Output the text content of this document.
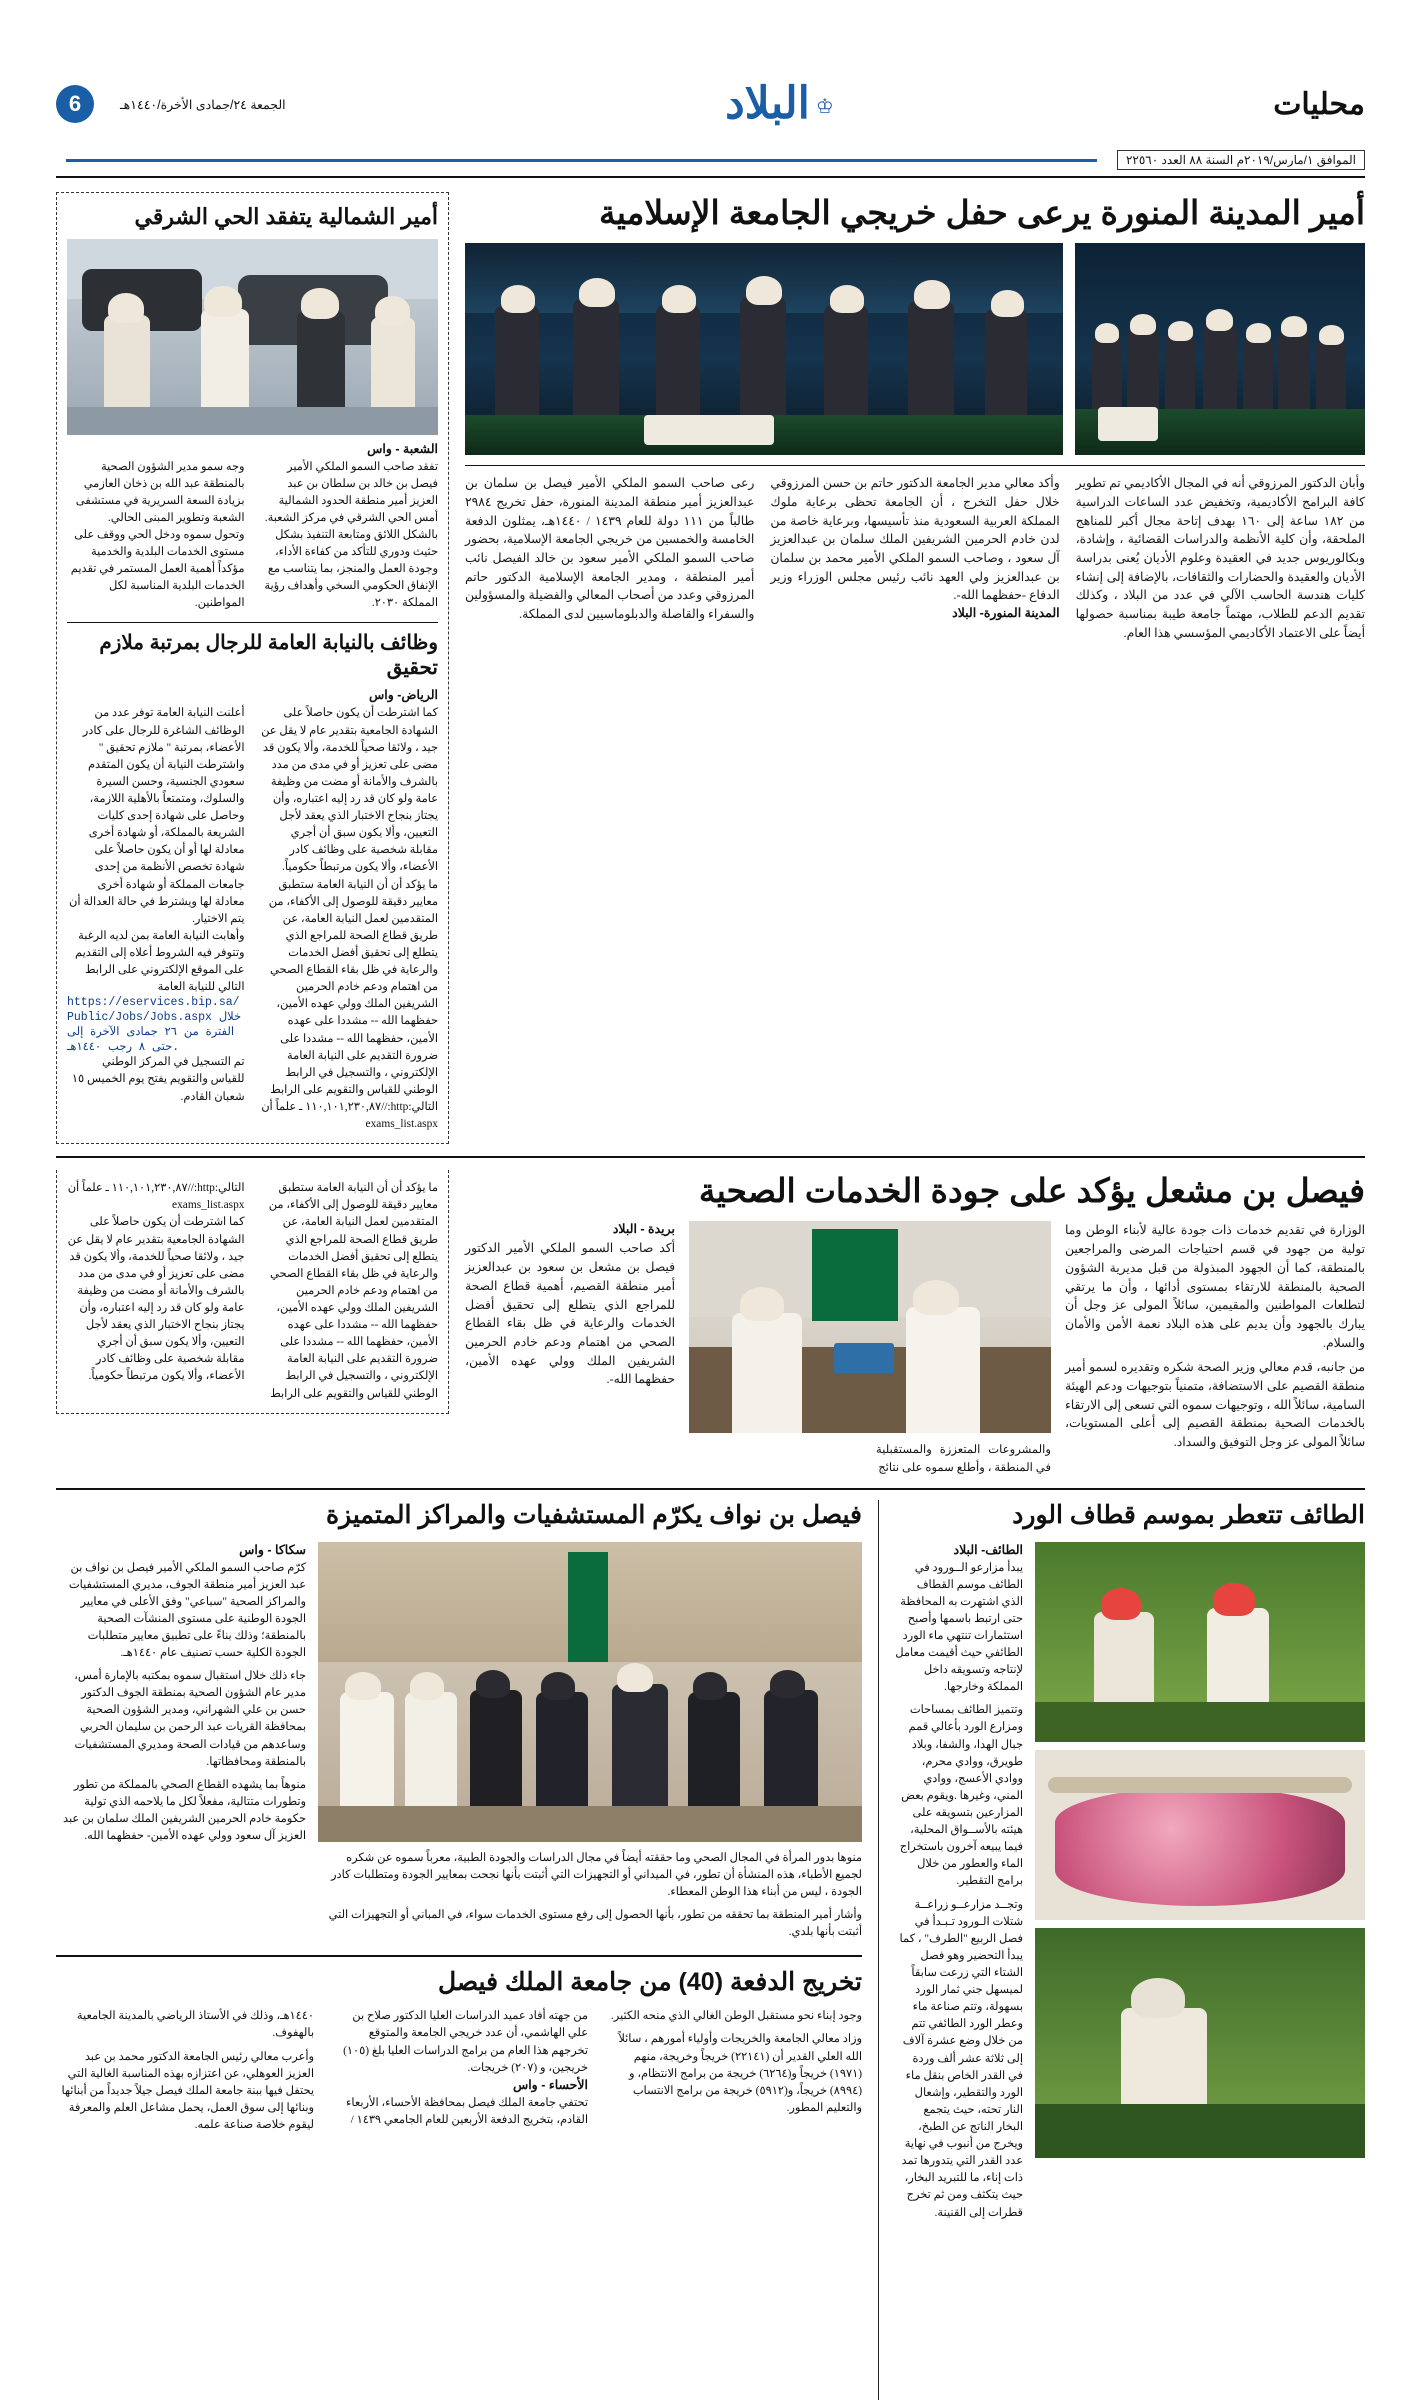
محليات
♔
البلاد
الجمعة ٢٤/جمادى الأخرة/١٤٤٠هـ
6
الموافق ١/مارس/٢٠١٩م السنة ٨٨ العدد ٢٢٥٦٠
أمير المدينة المنورة يرعى حفل خريجي الجامعة الإسلامية
وأبان الدكتور المرزوقي أنه في المجال الأكاديمي تم تطوير كافة البرامج الأكاديمية، وتخفيض عدد الساعات الدراسية من ١٨٢ ساعة إلى ١٦٠ بهدف إتاحة مجال أكبر للمناهج الملحقة، وأن كلية الأنظمة والدراسات القضائية ، وإشادة، وبكالوريوس جديد في العقيدة وعلوم الأديان يُعنى بدراسة الأديان والعقيدة والحضارات والثقافات، بالإضافة إلى إنشاء كليات هندسة الحاسب الآلي في عدد من البلاد ، وكذلك تقديم الدعم للطلاب، مهتماً جامعة طيبة بمناسبة حصولها أيضاً على الاعتماد الأكاديمي المؤسسي هذا العام.
وأكد معالي مدير الجامعة الدكتور حاتم بن حسن المرزوقي خلال حفل التخرج ، أن الجامعة تحظى برعاية ملوك المملكة العربية السعودية منذ تأسيسها، وبرعاية خاصة من لدن خادم الحرمين الشريفين الملك سلمان بن عبدالعزيز آل سعود ، وصاحب السمو الملكي الأمير محمد بن سلمان بن عبدالعزيز ولي العهد نائب رئيس مجلس الوزراء وزير الدفاع -حفظهما الله-.
المدينة المنورة- البلاد
رعى صاحب السمو الملكي الأمير فيصل بن سلمان بن عبدالعزيز أمير منطقة المدينة المنورة، حفل تخريج ٢٩٨٤ طالباً من ١١١ دولة للعام ١٤٣٩ / ١٤٤٠هـ، يمثلون الدفعة الخامسة والخمسين من خريجي الجامعة الإسلامية، بحضور صاحب السمو الملكي الأمير سعود بن خالد الفيصل نائب أمير المنطقة ، ومدير الجامعة الإسلامية الدكتور حاتم المرزوقي وعدد من أصحاب المعالي والفضيلة والمسؤولين والسفراء والقاصلة والدبلوماسيين لدى المملكة.
أمير الشمالية يتفقد الحي الشرقي
الشعبة - واس
تفقد صاحب السمو الملكي الأمير فيصل بن خالد بن سلطان بن عبد العزيز أمير منطقة الحدود الشمالية أمس الحي الشرقي في مركز الشعبة.
بالشكل اللائق ومتابعة التنفيذ بشكل حثيث ودوري للتأكد من كفاءة الأداء، وجودة العمل والمنجز، بما يتناسب مع الإنفاق الحكومي السخي وأهداف رؤية المملكة ٢٠٣٠.
وجه سمو مدير الشؤون الصحية بالمنطقة عبد الله بن ذخان العازمي بزيادة السعة السريرية في مستشفى الشعبة وتطوير المبنى الحالي.
وتحول سموه ودخل الحي ووقف على مستوى الخدمات البلدية والخدمية مؤكداً أهمية العمل المستمر في تقديم الخدمات البلدية المناسبة لكل المواطنين.
وظائف بالنيابة العامة للرجال بمرتبة ملازم تحقيق
الرياض- واس
كما اشترطت أن يكون حاصلاً على الشهادة الجامعية بتقدير عام لا يقل عن جيد ، ولائقا صحياً للخدمة، وألا يكون قد مضى على تعزيز أو في مدى من مدد بالشرف والأمانة أو مضت من وظيفة عامة ولو كان قد رد إليه اعتباره، وأن يجتاز بنجاح الاختبار الذي يعقد لأجل التعيين، وألا يكون سبق أن أجري مقابلة شخصية على وظائف كادر الأعضاء، وألا يكون مرتبطاً حكومياً.
ما يؤكد أن أن النيابة العامة ستطبق معايير دقيقة للوصول إلى الأكفاء، من المتقدمين لعمل النيابة العامة، عن طريق قطاع الصحة للمراجع الذي يتطلع إلى تحقيق أفضل الخدمات والرعاية في ظل بقاء القطاع الصحي من اهتمام ودعم خادم الحرمين الشريفين الملك وولي عهده الأمين، حفظهما الله -- مشددا على عهده الأمين، حفظهما الله -- مشددا على ضرورة التقديم على النيابة العامة الإلكتروني ، والتسجيل في الرابط الوطني للقياس والتقويم على الرابط التالي:http://١١٠,١٠١,٢٣٠,٨٧ ـ علماً أن exams_list.aspx
أعلنت النيابة العامة توفر عدد من الوظائف الشاغرة للرجال على كادر الأعضاء، بمرتبة " ملازم تحقيق " واشترطت النيابة أن يكون المتقدم سعودي الجنسية، وحسن السيرة والسلوك، ومتمتعاً بالأهلية اللازمة، وحاصل على شهادة إحدى كليات الشريعة بالمملكة، أو شهادة أخرى معادلة لها أو أن يكون حاصلاً على شهادة تخصص الأنظمة من إحدى جامعات المملكة أو شهادة أخرى معادلة لها ويشترط في حالة العدالة أن يتم الاختيار.
وأهابت النيابة العامة بمن لديه الرغبة وتتوفر فيه الشروط أعلاه إلى التقديم على الموقع الإلكتروني على الرابط التالي للنيابة العامة
https://eservices.bip.sa/Public/Jobs/Jobs.aspx خلال الفترة من ٢٦ جمادى الآخرة إلى حتى ٨ رجب ١٤٤٠هـ.
تم التسجيل في المركز الوطني للقياس والتقويم يفتح يوم الخميس ١٥ شعبان القادم.
فيصل بن مشعل يؤكد على جودة الخدمات الصحية
الوزارة في تقديم خدمات ذات جودة عالية لأبناء الوطن وما تولية من جهود في قسم احتياجات المرضى والمراجعين بالمنطقة، كما أن الجهود المبذولة من قبل مديرية الشؤون الصحية بالمنطقة للارتقاء بمستوى أدائها ، وأن ما يرتقي لتطلعات المواطنين والمقيمين، سائلاً المولى عز وجل أن يبارك بالجهود وأن يديم على هذه البلاد نعمة الأمن والأمان والسلام.
من جانبه، قدم معالي وزير الصحة شكره وتقديره لسمو أمير منطقة القصيم على الاستضافة، متمنياً بتوجيهات ودعم الهيئة السامية، سائلاً الله ، وتوجيهات سموه التي تسعى إلى الارتقاء بالخدمات الصحية بمنطقة القصيم إلى أعلى المستويات، سائلاً المولى عز وجل التوفيق والسداد.
والمشروعات المتعززة والمستقبلية في المنطقة ، وأطلع سموه على نتائج
بريدة - البلاد
أكد صاحب السمو الملكي الأمير الدكتور فيصل بن مشعل بن سعود بن عبدالعزيز أمير منطقة القصيم، أهمية قطاع الصحة للمراجع الذي يتطلع إلى تحقيق أفضل الخدمات والرعاية في ظل بقاء القطاع الصحي من اهتمام ودعم خادم الحرمين الشريفين الملك وولي عهده الأمين، حفظهما الله-.
ما يؤكد أن أن النيابة العامة ستطبق معايير دقيقة للوصول إلى الأكفاء، من المتقدمين لعمل النيابة العامة، عن طريق قطاع الصحة للمراجع الذي يتطلع إلى تحقيق أفضل الخدمات والرعاية في ظل بقاء القطاع الصحي من اهتمام ودعم خادم الحرمين الشريفين الملك وولي عهده الأمين، حفظهما الله -- مشددا على عهده الأمين، حفظهما الله -- مشددا على ضرورة التقديم على النيابة العامة الإلكتروني ، والتسجيل في الرابط الوطني للقياس والتقويم على الرابط التالي:http://١١٠,١٠١,٢٣٠,٨٧ ـ علماً أن exams_list.aspx
كما اشترطت أن يكون حاصلاً على الشهادة الجامعية بتقدير عام لا يقل عن جيد ، ولائقا صحياً للخدمة، وألا يكون قد مضى على تعزيز أو في مدى من مدد بالشرف والأمانة أو مضت من وظيفة عامة ولو كان قد رد إليه اعتباره، وأن يجتاز بنجاح الاختبار الذي يعقد لأجل التعيين، وألا يكون سبق أن أجري مقابلة شخصية على وظائف كادر الأعضاء، وألا يكون مرتبطاً حكومياً.
الطائف تتعطر بموسم قطاف الورد
الطائف- البلاد
يبدأ مزارعو الــورود في الطائف موسم القطاف الذي اشتهرت به المحافظة حتى ارتبط باسمها وأصبح استثمارات تنتهي ماء الورد الطائفي حيث أقيمت معامل لإنتاجه وتسويقه داخل المملكة وخارجها.
وتتميز الطائف بمساحات ومزارع الورد بأعالي قمم جبال الهدا، والشفا، وبلاد طويرق، ووادي محرم، ووادي الأعسج، ووادي المني، وغيرها .ويقوم بعض المزارعين بتسويقه على هيئته بالأســواق المحلية، فيما يبيعه آخرون باستخراج الماء والعطور من خلال برامج التقطير.
وتجــد مزارعــو زراعــة شتلات الـورود تـبـدأ في فصل الربيع "الطرف" ، كما يبدأ التحضير وهو فصل الشتاء التي زرعت سابقاً لميسهل جني ثمار الورد بسهولة، وتتم صناعة ماء وعطر الورد الطائفي تتم من خلال وضع عشرة آلاف إلى ثلاثة عشر ألف وردة في القدر الخاص بنقل ماء الورد والتقطير، وإشعال النار تحته، حيث يتجمع البخار الناتج عن الطبخ، ويخرج من أنبوب في نهاية عدد القدر التي يتدورها تمد ذات إناء، ما للتبريد البخار، حيث يتكثف ومن ثم تخرج قطرات إلى القنينة.
فيصل بن نواف يكرّم المستشفيات والمراكز المتميزة
منوها بدور المرأة في المجال الصحي وما حققته أيضاً في مجال الدراسات والجودة الطبية، معرباً سموه عن شكره لجميع الأطباء، هذه المنشأة أن تطور، في الميداني أو التجهيزات التي أثبتت بأنها نجحت بمعايير الجودة ومتطلبات كادر الجودة ، ليس من أبناء هذا الوطن المعطاء.
وأشار أمير المنطقة بما تحققه من تطور، بأنها الحصول إلى رفع مستوى الخدمات سواء، في المباني أو التجهيزات التي أثبتت بأنها بلدي.
سكاكا - واس
كرّم صاحب السمو الملكي الأمير فيصل بن نواف بن عبد العزيز أمير منطقة الجوف، مديري المستشفيات والمراكز الصحية "سباعي" وفق الأعلى في معايير الجودة الوطنية على مستوى المنشآت الصحية بالمنطقة؛ وذلك بناءً على تطبيق معايير متطلبات الجودة الكلية حسب تصنيف عام ١٤٤٠هـ.
جاء ذلك خلال استقبال سموه بمكتبه بالإمارة أمس، مدير عام الشؤون الصحية بمنطقة الجوف الدكتور حسن بن علي الشهراني، ومدير الشؤون الصحية بمحافظة القريات عبد الرحمن بن سليمان الحربي وساعدهم من قيادات الصحة ومديري المستشفيات بالمنطقة ومحافظاتها.
منوهاً بما يشهده القطاع الصحي بالمملكة من تطور وتطورات متتالية، مفعلاً لكل ما يلاحمه الذي تولية حكومة خادم الحرمين الشريفين الملك سلمان بن عبد العزيز آل سعود وولي عهده الأمين- حفظهما الله.
تخريج الدفعة (40) من جامعة الملك فيصل
وجود إبناء نحو مستقبل الوطن الغالي الذي منحه الكثير.
وزاد معالي الجامعة والخريجات وأولياء أمورهم ، سائلاً الله العلي القدير أن (٢٢١٤١) خريجاً وخريجة، منهم (١٩٧١) خريجاً و(٦٢٦٤) خريجة من برامج الانتظام، و (٨٩٩٤) خريجاً، و(٥٩١٢) خريجة من برامج الانتساب والتعليم المطور.
من جهته أفاد عميد الدراسات العليا الدكتور صلاح بن علي الهاشمي، أن عدد خريجي الجامعة والمتوقع تخرجهم هذا العام من برامج الدراسات العليا بلغ (١٠٥) خريجين، و (٢٠٧) خريجات.
الأحساء - واس
تحتفي جامعة الملك فيصل بمحافظة الأحساء، الأربعاء القادم، بتخريج الدفعة الأربعين للعام الجامعي ١٤٣٩ / ١٤٤٠هـ، وذلك في الأستاذ الرياضي بالمدينة الجامعية بالهفوف.
وأعرب معالي رئيس الجامعة الدكتور محمد بن عبد العزيز العوهلي، عن اعتزازه بهذه المناسبة الغالية التي يحتفل فيها ببنة جامعة الملك فيصل جيلاً جديداً من أبنائها وبنائها إلى سوق العمل، يحمل مشاعل العلم والمعرفة ليقوم خلاصة صناعة علمه.
